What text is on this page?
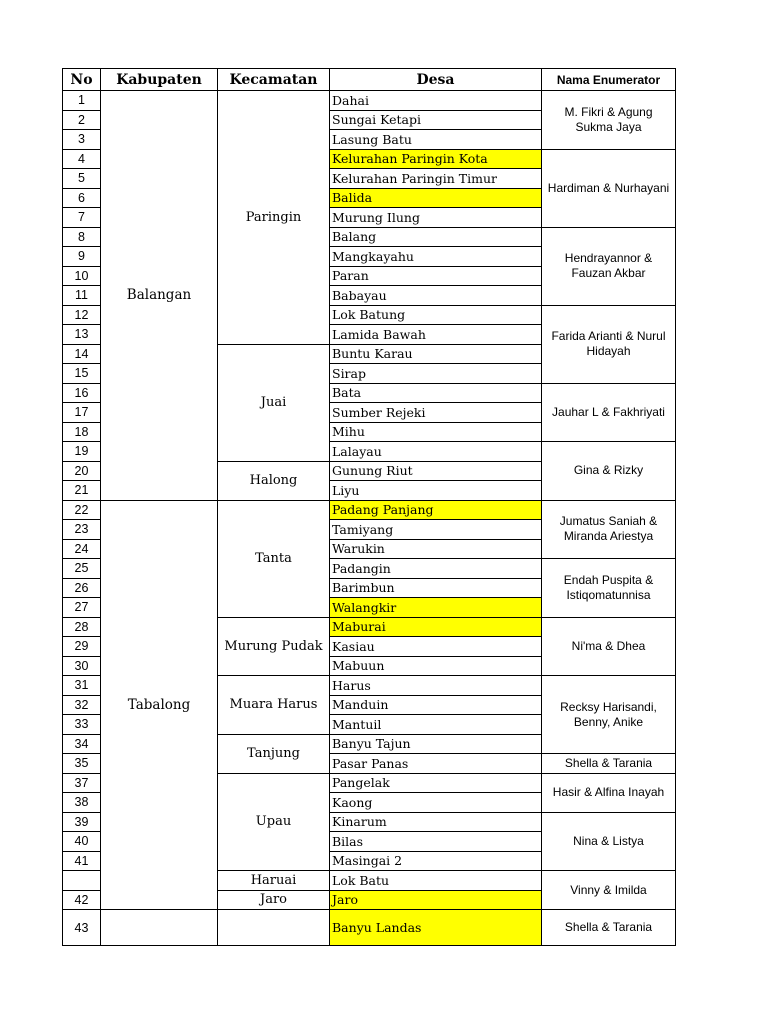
No	Kabupaten	Kecamatan	Desa	Nama Enumerator
1	Balangan	Paringin	Dahai	M. Fikri & Agung Sukma Jaya
2			Sungai Ketapi	
3			Lasung Batu	
4			Kelurahan Paringin Kota	Hardiman & Nurhayani
5			Kelurahan Paringin Timur	
6			Balida	
7			Murung Ilung	
8			Balang	Hendrayannor & Fauzan Akbar
9			Mangkayahu	
10			Paran	
11			Babayau	
12			Lok Batung	Farida Arianti & Nurul Hidayah
13			Lamida Bawah	
14		Juai	Buntu Karau	
15			Sirap	
16			Bata	Jauhar L & Fakhriyati
17			Sumber Rejeki	
18			Mihu	
19			Lalayau	Gina & Rizky
20		Halong	Gunung Riut	
21			Liyu	
22	Tabalong	Tanta	Padang Panjang	Jumatus Saniah & Miranda Ariestya
23			Tamiyang	
24			Warukin	
25			Padangin	Endah Puspita & Istiqomatunnisa
26			Barimbun	
27			Walangkir	
28		Murung Pudak	Maburai	Ni'ma & Dhea
29			Kasiau	
30			Mabuun	
31		Muara Harus	Harus	Recksy Harisandi, Benny, Anike
32			Manduin	
33			Mantuil	
34		Tanjung	Banyu Tajun	
35			Pasar Panas	Shella & Tarania
37		Upau	Pangelak	Hasir & Alfina Inayah
38			Kaong	
39			Kinarum	Nina & Listya
40			Bilas	
41			Masingai 2	
		Haruai	Lok Batu	Vinny & Imilda
42		Jaro	Jaro	
43			Banyu Landas	Shella & Tarania
